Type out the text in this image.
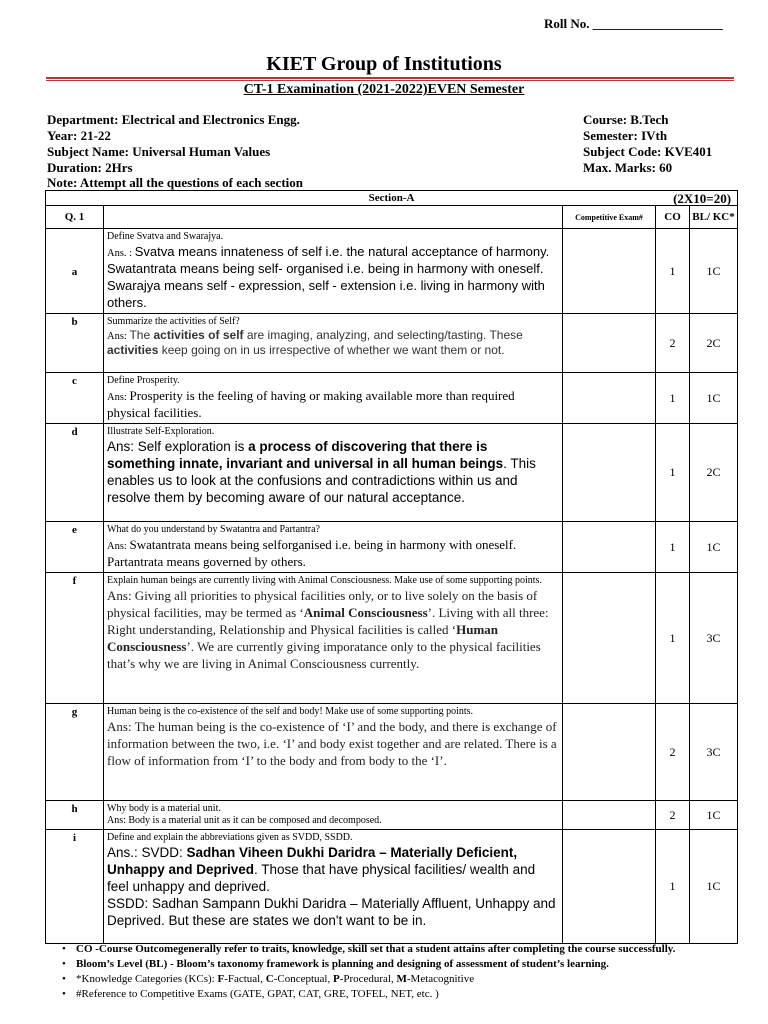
Roll No. ____________________
KIET Group of Institutions
CT-1 Examination (2021-2022)EVEN Semester
Department: Electrical and Electronics Engg.
Year: 21-22
Subject Name: Universal Human Values
Duration: 2Hrs
Course: B.Tech
Semester: IVth
Subject Code: KVE401
Max. Marks: 60
Note: Attempt all the questions of each section
Section-A (2X10=20)				

Q. 1		Competitive Exam#	CO	BL/ KC*
a	Define Svatva and Swarajya.
Ans. : Svatva means innateness of self i.e. the natural acceptance of harmony. Swatantrata means being self- organised i.e. being in harmony with oneself. Swarajya means self - expression, self - extension i.e. living in harmony with others.		1	1C
b	Summarize the activities of Self?
Ans: The activities of self are imaging, analyzing, and selecting/tasting. These activities keep going on in us irrespective of whether we want them or not.		2	2C
c	Define Prosperity.
Ans: Prosperity is the feeling of having or making available more than required physical facilities.		1	1C
d	Illustrate Self-Exploration.
Ans: Self exploration is a process of discovering that there is something innate, invariant and universal in all human beings. This enables us to look at the confusions and contradictions within us and resolve them by becoming aware of our natural acceptance.		1	2C
e	What do you understand by Swatantra and Partantra?
Ans: Swatantrata means being selforganised i.e. being in harmony with oneself. Partantrata means governed by others.		1	1C
f	Explain human beings are currently living with Animal Consciousness. Make use of some supporting points.
Ans: Giving all priorities to physical facilities only, or to live solely on the basis of physical facilities, may be termed as ‘Animal Consciousness’. Living with all three: Right understanding, Relationship and Physical facilities is called ‘Human Consciousness’. We are currently giving imporatance only to the physical facilities that’s why we are living in Animal Consciousness currently.		1	3C
g	Human being is the co-existence of the self and body! Make use of some supporting points.
Ans: The human being is the co-existence of ‘I’ and the body, and there is exchange of information between the two, i.e. ‘I’ and body exist together and are related. There is a flow of information from ‘I’ to the body and from body to the ‘I’.		2	3C
h	Why body is a material unit.
Ans: Body is a material unit as it can be composed and decomposed.		2	1C
i	Define and explain the abbreviations given as SVDD, SSDD.
Ans.: SVDD: Sadhan Viheen Dukhi Daridra – Materially Deficient, Unhappy and Deprived. Those that have physical facilities/ wealth and feel unhappy and deprived.
SSDD: Sadhan Sampann Dukhi Daridra – Materially Affluent, Unhappy and Deprived. But these are states we don't want to be in.		1	1C
• CO -Course Outcomegenerally refer to traits, knowledge, skill set that a student attains after completing the course successfully.
• Bloom’s Level (BL) - Bloom’s taxonomy framework is planning and designing of assessment of student’s learning.
• *Knowledge Categories (KCs): F-Factual, C-Conceptual, P-Procedural, M-Metacognitive
• #Reference to Competitive Exams (GATE, GPAT, CAT, GRE, TOFEL, NET, etc. )
